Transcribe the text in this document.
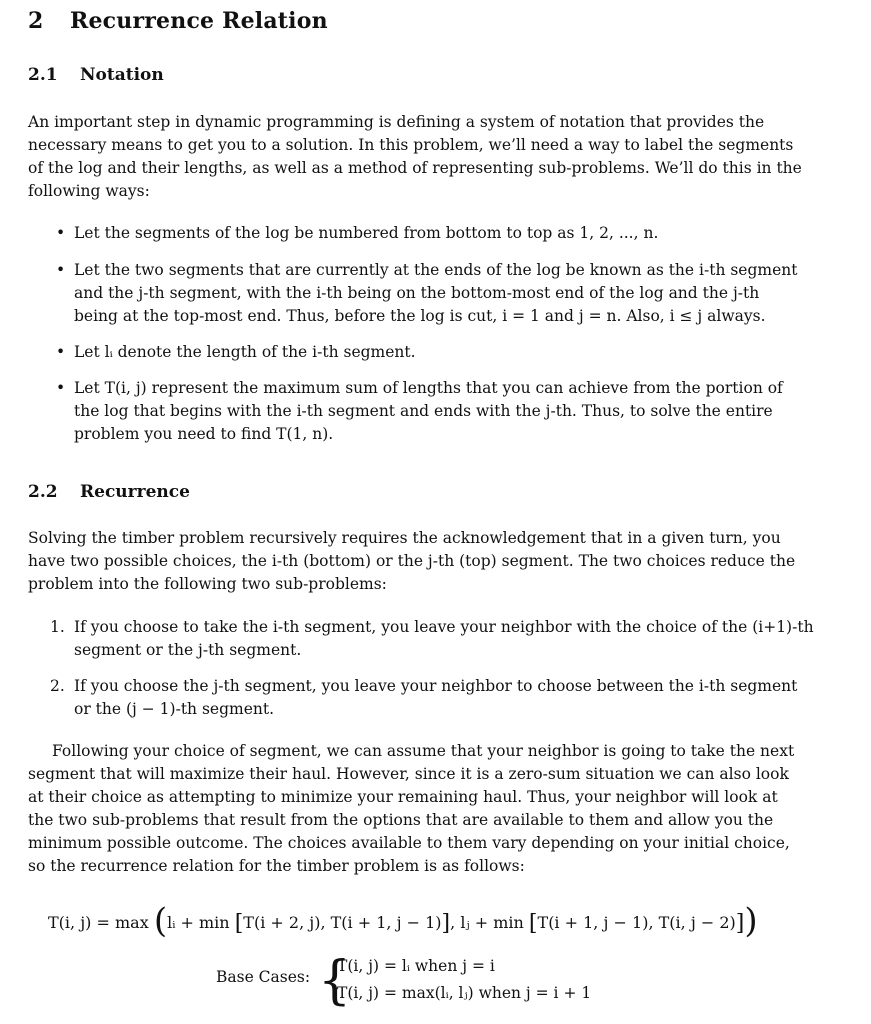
2 Recurrence Relation
2.1 Notation
An important step in dynamic programming is defining a system of notation that provides the
necessary means to get you to a solution. In this problem, we’ll need a way to label the segments
of the log and their lengths, as well as a method of representing sub-problems. We’ll do this in the
following ways:
• Let the segments of the log be numbered from bottom to top as 1, 2, ..., n.
• Let the two segments that are currently at the ends of the log be known as the i-th segment
and the j-th segment, with the i-th being on the bottom-most end of the log and the j-th
being at the top-most end. Thus, before the log is cut, i = 1 and j = n. Also, i ≤ j always.
• Let lᵢ denote the length of the i-th segment.
• Let T(i, j) represent the maximum sum of lengths that you can achieve from the portion of
the log that begins with the i-th segment and ends with the j-th. Thus, to solve the entire
problem you need to find T(1, n).
2.2 Recurrence
Solving the timber problem recursively requires the acknowledgement that in a given turn, you
have two possible choices, the i-th (bottom) or the j-th (top) segment. The two choices reduce the
problem into the following two sub-problems:
1. If you choose to take the i-th segment, you leave your neighbor with the choice of the (i+1)-th
segment or the j-th segment.
2. If you choose the j-th segment, you leave your neighbor to choose between the i-th segment
or the (j − 1)-th segment.
Following your choice of segment, we can assume that your neighbor is going to take the next
segment that will maximize their haul. However, since it is a zero-sum situation we can also look
at their choice as attempting to minimize your remaining haul. Thus, your neighbor will look at
the two sub-problems that result from the options that are available to them and allow you the
minimum possible outcome. The choices available to them vary depending on your initial choice,
so the recurrence relation for the timber problem is as follows:
T(i, j) = max (lᵢ + min [T(i + 2, j), T(i + 1, j − 1)], lⱼ + min [T(i + 1, j − 1), T(i, j − 2)])
Base Cases: {
T(i, j) = lᵢ when j = i
T(i, j) = max(lᵢ, lⱼ) when j = i + 1
